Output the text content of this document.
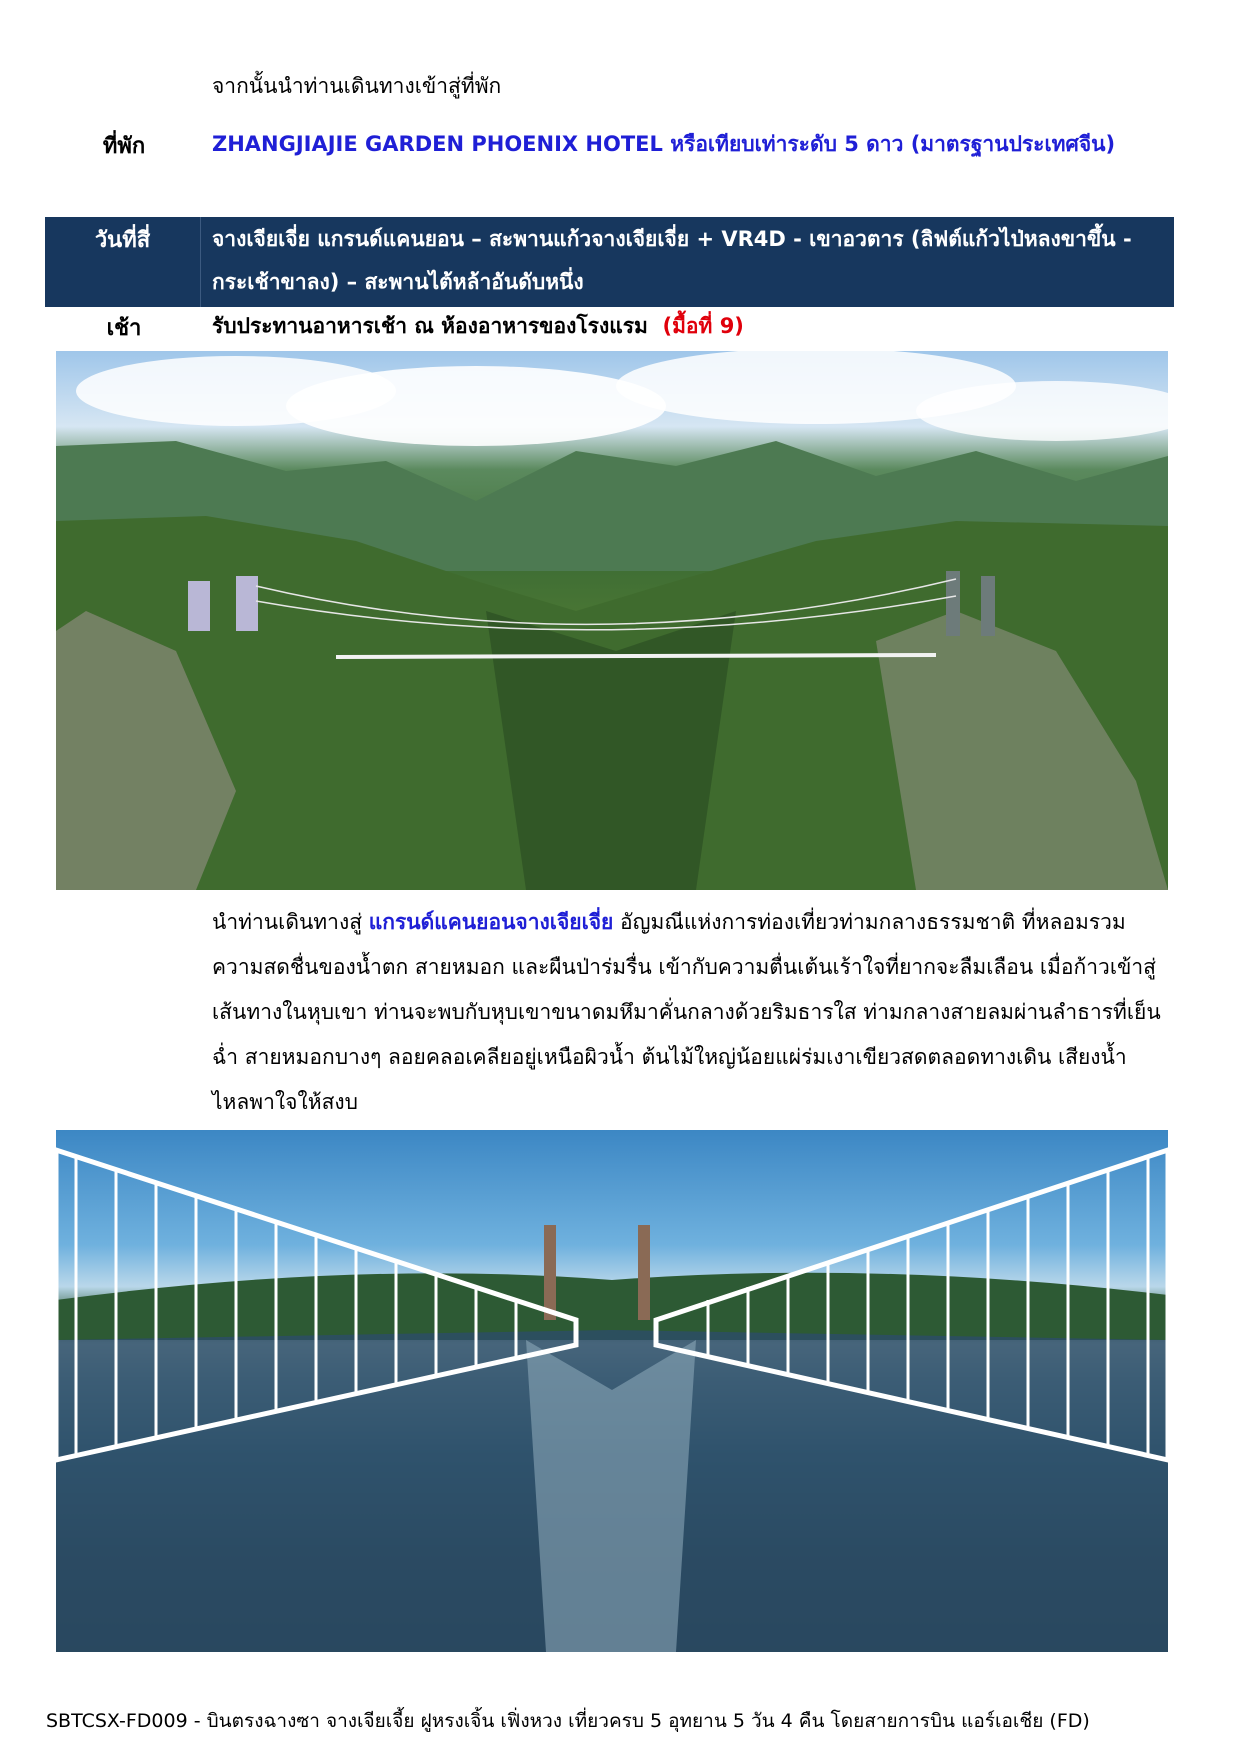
จากนั้นนำท่านเดินทางเข้าสู่ที่พัก
ที่พัก	ZHANGJIAJIE GARDEN PHOENIX HOTEL หรือเทียบเท่าระดับ 5 ดาว (มาตรฐานประเทศจีน)
วันที่สี่	จางเจียเจี่ย แกรนด์แคนยอน – สะพานแก้วจางเจียเจี่ย + VR4D - เขาอวตาร (ลิฟต์แก้วไป่หลงขาขึ้น - กระเช้าขาลง) – สะพานไต้หล้าอันดับหนึ่ง
เช้า	รับประทานอาหารเช้า ณ ห้องอาหารของโรงแรม (มื้อที่ 9)
นำท่านเดินทางสู่ แกรนด์แคนยอนจางเจียเจี่ย อัญมณีแห่งการท่องเที่ยวท่ามกลางธรรมชาติ ที่หลอมรวมความสดชื่นของน้ำตก สายหมอก และผืนป่าร่มรื่น เข้ากับความตื่นเต้นเร้าใจที่ยากจะลืมเลือน เมื่อก้าวเข้าสู่เส้นทางในหุบเขา ท่านจะพบกับหุบเขาขนาดมหึมาคั่นกลางด้วยริมธารใส ท่ามกลางสายลมผ่านลำธารที่เย็นฉ่ำ สายหมอกบางๆ ลอยคลอเคลียอยู่เหนือผิวน้ำ ต้นไม้ใหญ่น้อยแผ่ร่มเงาเขียวสดตลอดทางเดิน เสียงน้ำไหลพาใจให้สงบ
SBTCSX-FD009 - บินตรงฉางซา จางเจียเจี้ย ฝูหรงเจิ้น เฟิ่งหวง เที่ยวครบ 5 อุทยาน 5 วัน 4 คืน โดยสายการบิน แอร์เอเชีย (FD)
